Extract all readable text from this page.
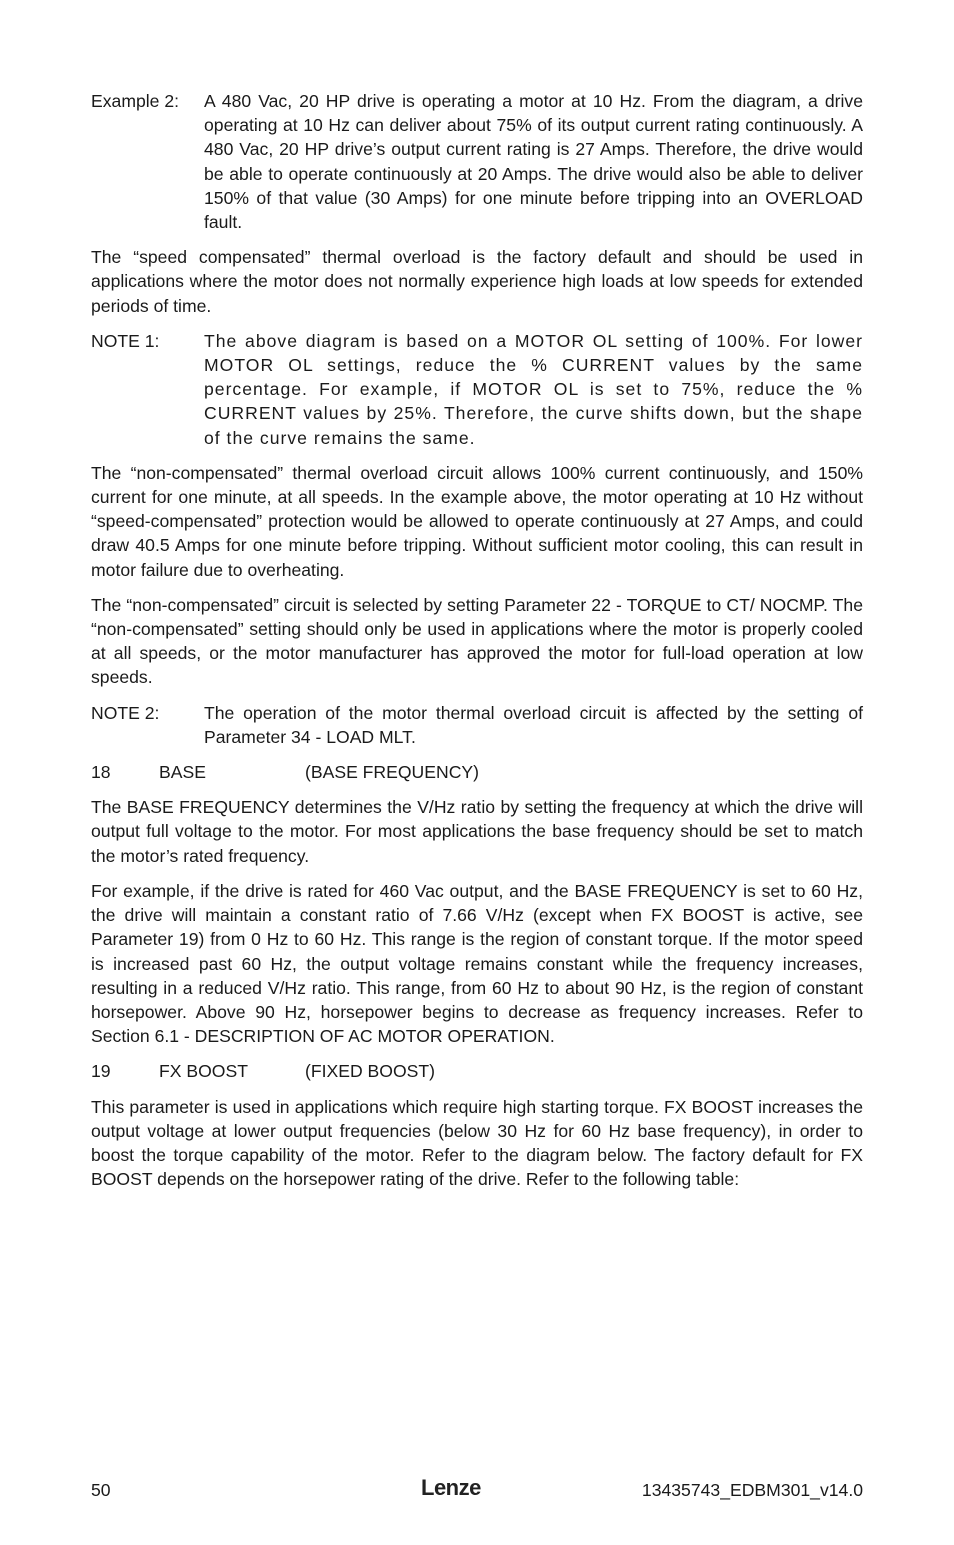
Example 2:	A 480 Vac, 20 HP drive is operating a motor at 10 Hz. From the diagram, a drive operating at 10 Hz can deliver about 75% of its output current rating continuously. A 480 Vac, 20 HP drive’s output current rating is 27 Amps. Therefore, the drive would be able to operate continuously at 20 Amps. The drive would also be able to deliver 150% of that value (30 Amps) for one minute before tripping into an OVERLOAD fault.

The “speed compensated” thermal overload is the factory default and should be used in applications where the motor does not normally experience high loads at low speeds for extended periods of time.

NOTE 1:	The above diagram is based on a MOTOR OL setting of 100%. For lower MOTOR OL settings, reduce the % CURRENT values by the same percentage. For example, if MOTOR OL is set to 75%, reduce the % CURRENT values by 25%. Therefore, the curve shifts down, but the shape of the curve remains the same.

The “non-compensated” thermal overload circuit allows 100% current continuously, and 150% current for one minute, at all speeds. In the example above, the motor operating at 10 Hz without “speed-compensated” protection would be allowed to operate continuously at 27 Amps, and could draw 40.5 Amps for one minute before tripping. Without sufficient motor cooling, this can result in motor failure due to overheating.

The “non-compensated” circuit is selected by setting Parameter 22 - TORQUE to CT/ NOCMP. The “non-compensated” setting should only be used in applications where the motor is properly cooled at all speeds, or the motor manufacturer has approved the motor for full-load operation at low speeds.

NOTE 2:	The operation of the motor thermal overload circuit is affected by the setting of Parameter 34 - LOAD MLT.
18	BASE	(BASE FREQUENCY)

The BASE FREQUENCY determines the V/Hz ratio by setting the frequency at which the drive will output full voltage to the motor. For most applications the base frequency should be set to match the motor’s rated frequency.

For example, if the drive is rated for 460 Vac output, and the BASE FREQUENCY is set to 60 Hz, the drive will maintain a constant ratio of 7.66 V/Hz (except when FX BOOST is active, see Parameter 19) from 0 Hz to 60 Hz. This range is the region of constant torque. If the motor speed is increased past 60 Hz, the output voltage remains constant while the frequency increases, resulting in a reduced V/Hz ratio. This range, from 60 Hz to about 90 Hz, is the region of constant horsepower. Above 90 Hz, horsepower begins to decrease as frequency increases. Refer to Section 6.1 - DESCRIPTION OF AC MOTOR OPERATION.

19	FX BOOST	(FIXED BOOST)

This parameter is used in applications which require high starting torque. FX BOOST increases the output voltage at lower output frequencies (below 30 Hz for 60 Hz base frequency), in order to boost the torque capability of the motor. Refer to the diagram below. The factory default for FX BOOST depends on the horsepower rating of the drive. Refer to the following table:

50	Lenze	13435743_EDBM301_v14.0
